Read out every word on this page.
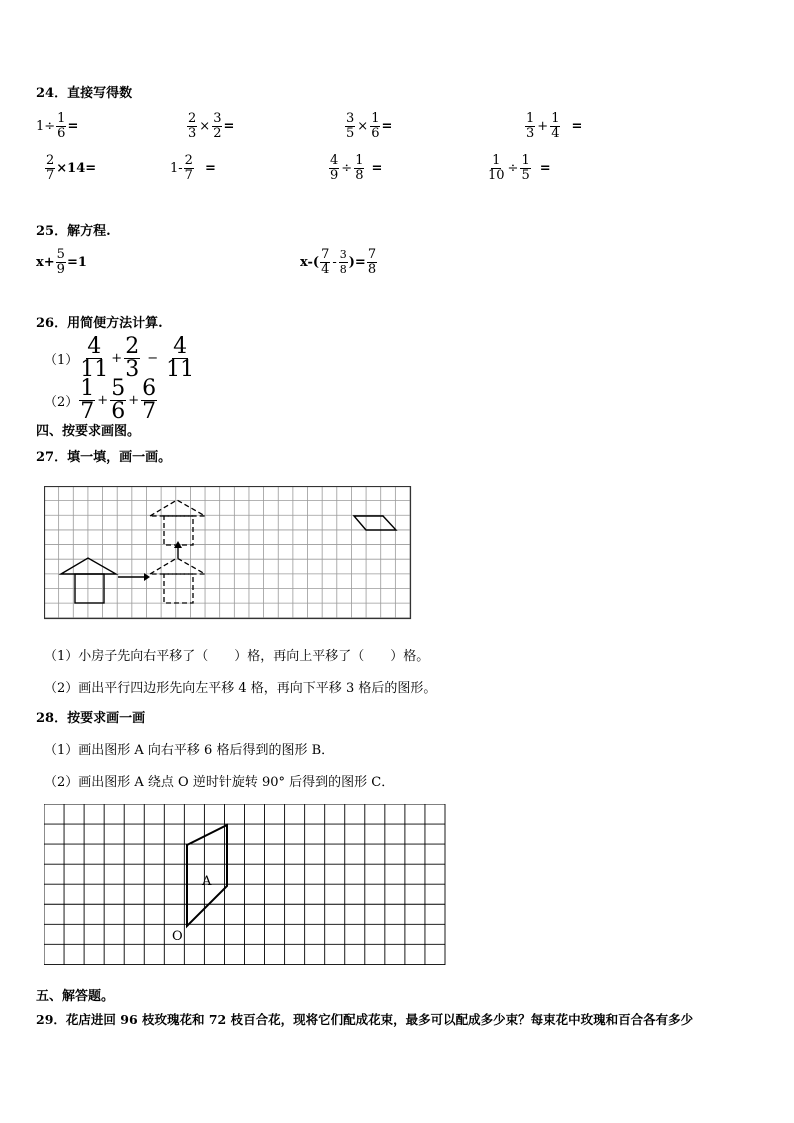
24．直接写得数
$1\div \frac{1}{6}$ =	$\frac{2}{3} \times \frac{3}{2}$ =	$\frac{3}{5} \times \frac{1}{6}$ =	$\frac{1}{3} + \frac{1}{4}$ =
$\frac{2}{7} \times 14=$	$1- \frac{2}{7}$ =	$\frac{4}{9} \div \frac{1}{8}$ =	$\frac{1}{10} \div \frac{1}{5}$ =
25．解方程.
$x+ \frac{5}{9} =1$	$x-( \frac{7}{4} - \frac{3}{8}$ )= $\frac{7}{8}$
26．用简便方法计算.
$(1) \frac{4}{11} + \frac{2}{3} - \frac{4}{11}$
$(2) \frac{1}{7} + \frac{5}{6} + \frac{6}{7}$
四、按要求画图。
27．填一填，画一画。
（1）小房子先向右平移了（　　）格，再向上平移了（　　）格。
（2）画出平行四边形先向左平移 4 格，再向下平移 3 格后的图形。
28．按要求画一画
（1）画出图形 A 向右平移 6 格后得到的图形 B．
（2）画出图形 A 绕点 O 逆时针旋转 90° 后得到的图形 C．
A
O
五、解答题。
29．花店进回 96 枝玫瑰花和 72 枝百合花，现将它们配成花束，最多可以配成多少束？每束花中玫瑰和百合各有多少
